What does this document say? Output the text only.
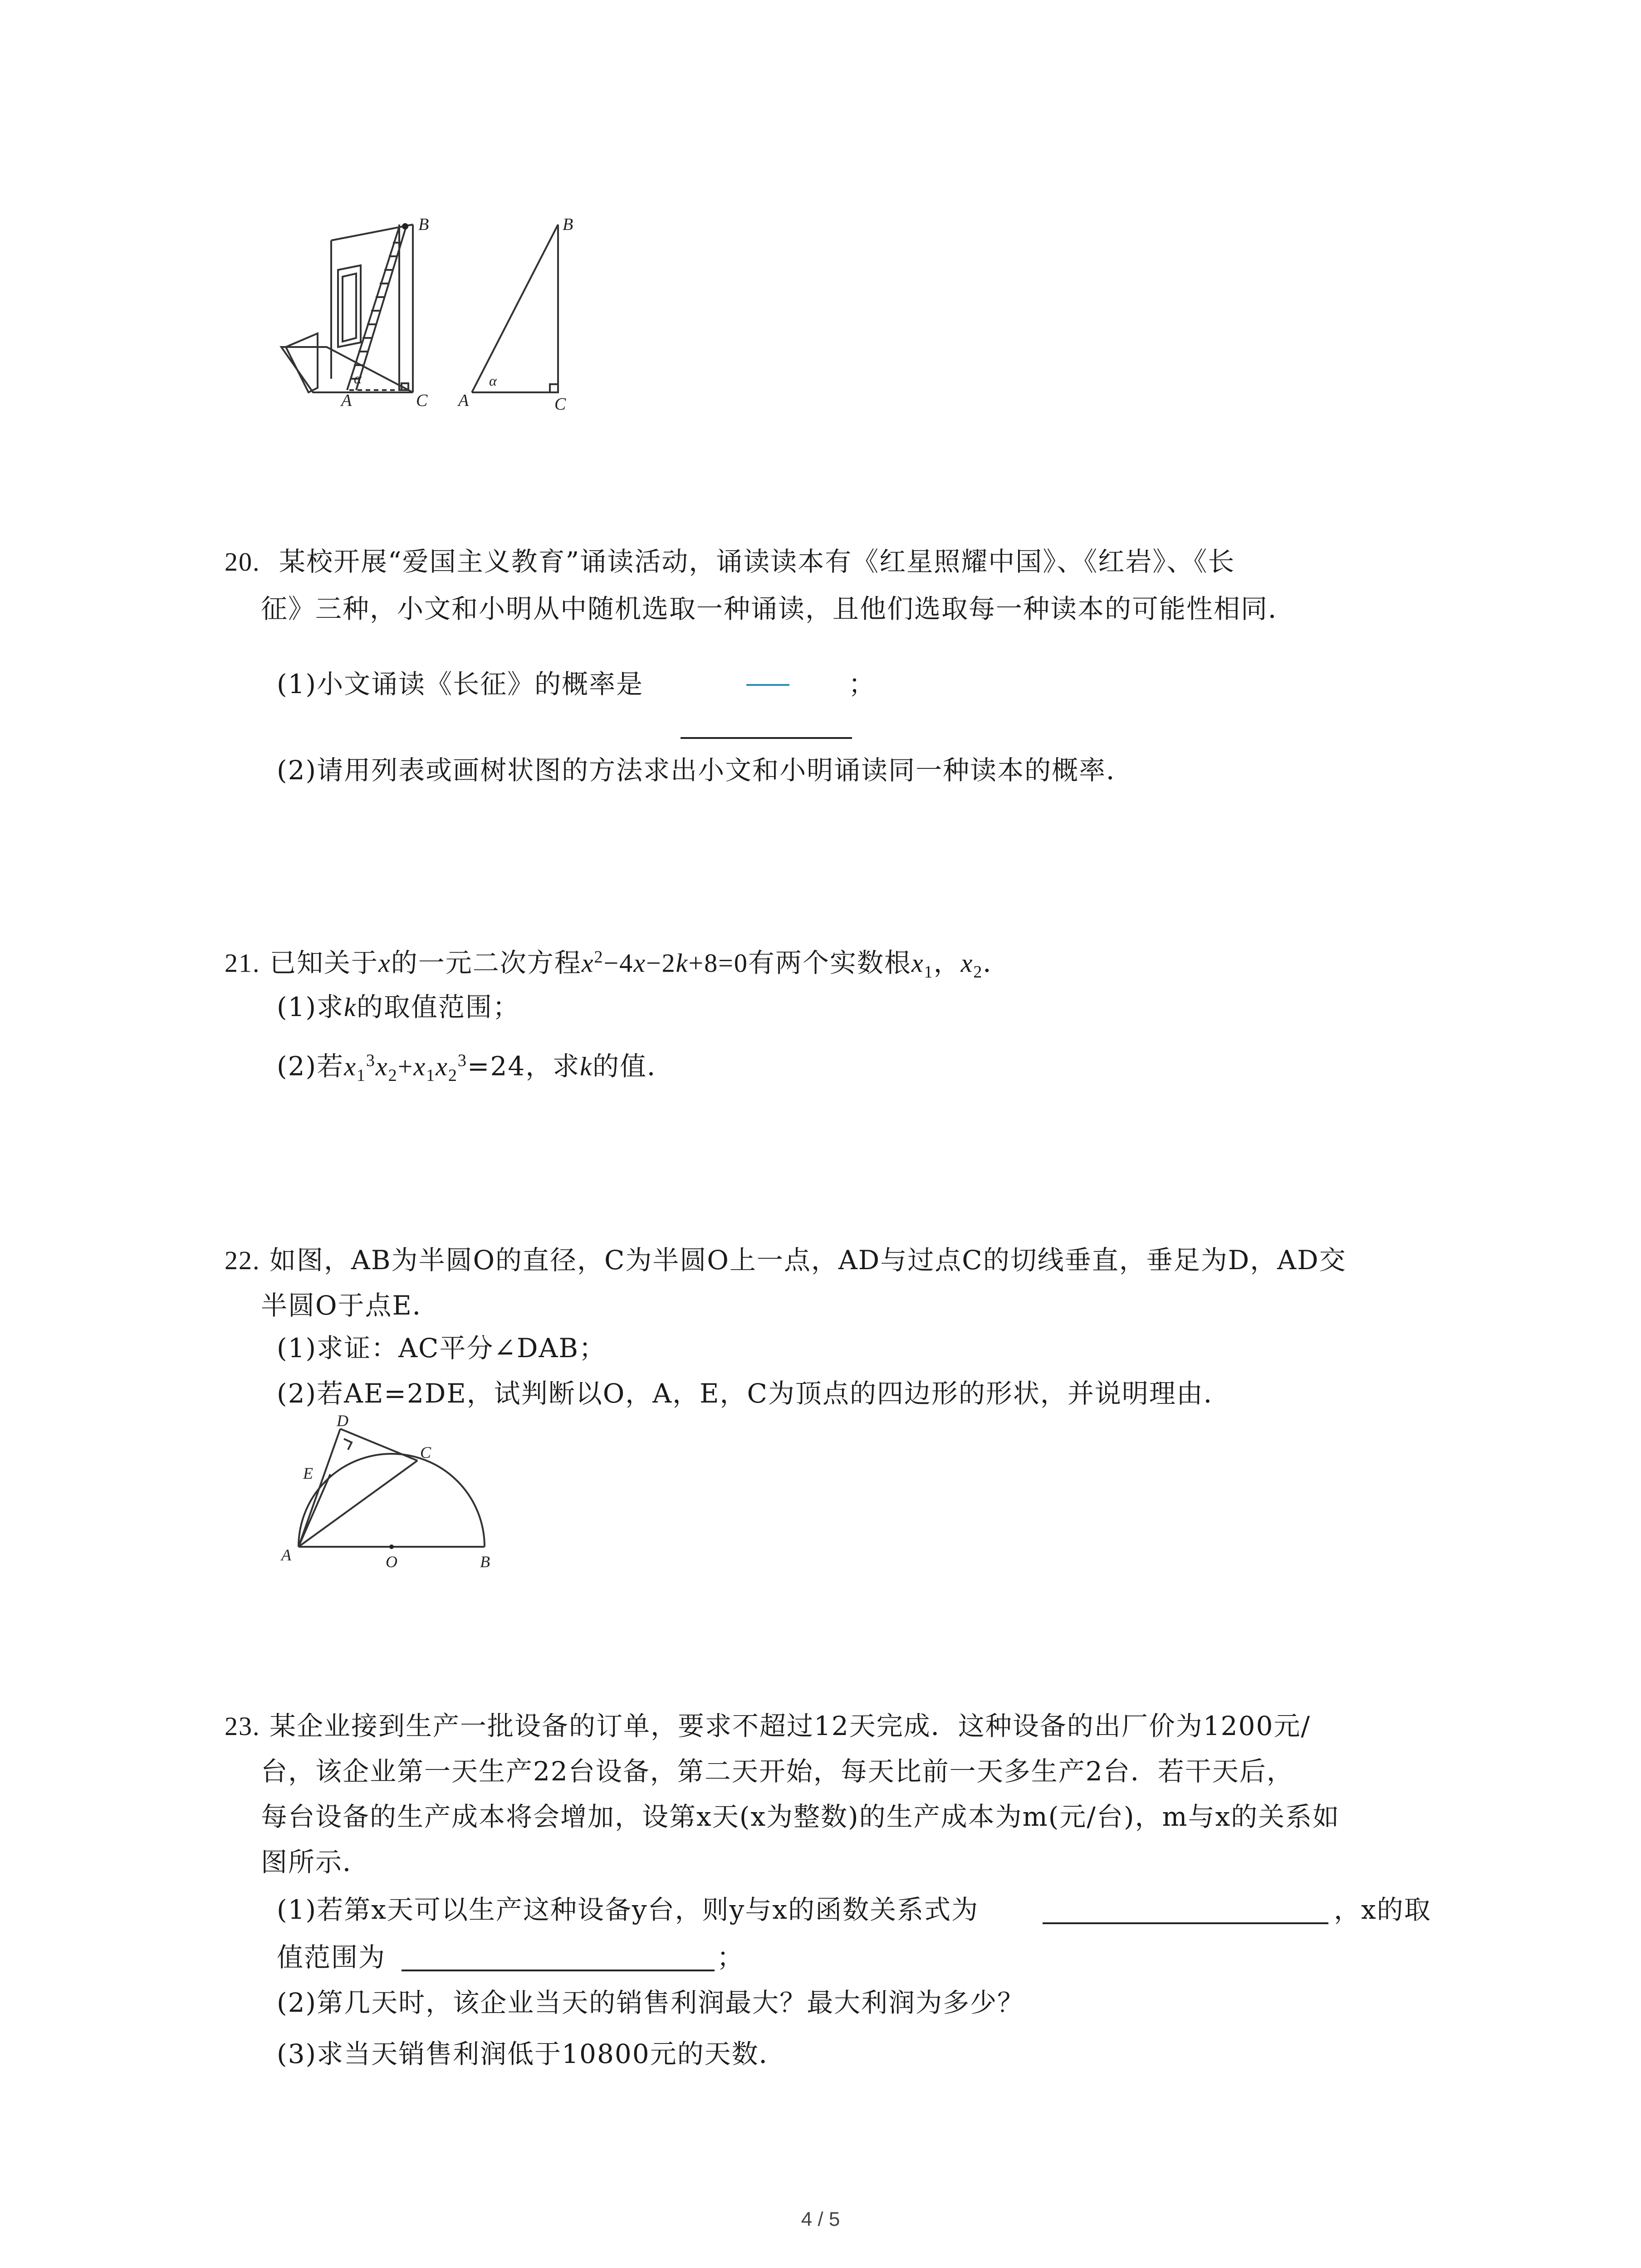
B
A	C
α
B
A	C
α
20. 某校开展“爱国主义教育”诵读活动，诵读读本有《红星照耀中国》、《红岩》、《长
征》三种，小文和小明从中随机选取一种诵读，且他们选取每一种读本的可能性相同．
(1)小文诵读《长征》的概率是	；
(2)请用列表或画树状图的方法求出小文和小明诵读同一种读本的概率．
21. 已知关于x的一元二次方程$x^2-4x-2k+8=0$有两个实数根$x_1$，$x_2$．
(1)求k的取值范围；
(2)若$x_1^3x_2+x_1x_2^3=24$，求k的值．
22. 如图，AB为半圆O的直径，C为半圆O上一点，AD与过点C的切线垂直，垂足为D，AD交
半圆O于点E．
(1)求证：AC平分∠DAB；
(2)若AE=2DE，试判断以O，A，E，C为顶点的四边形的形状，并说明理由．
D
E
C
A	O	B
23. 某企业接到生产一批设备的订单，要求不超过12天完成．这种设备的出厂价为1200元/
台，该企业第一天生产22台设备，第二天开始，每天比前一天多生产2台．若干天后，
每台设备的生产成本将会增加，设第x天(x为整数)的生产成本为m(元/台)，m与x的关系如
图所示．
(1)若第x天可以生产这种设备y台，则y与x的函数关系式为	，x的取
值范围为	；
(2)第几天时，该企业当天的销售利润最大？最大利润为多少？
(3)求当天销售利润低于10800元的天数．
4 / 5
